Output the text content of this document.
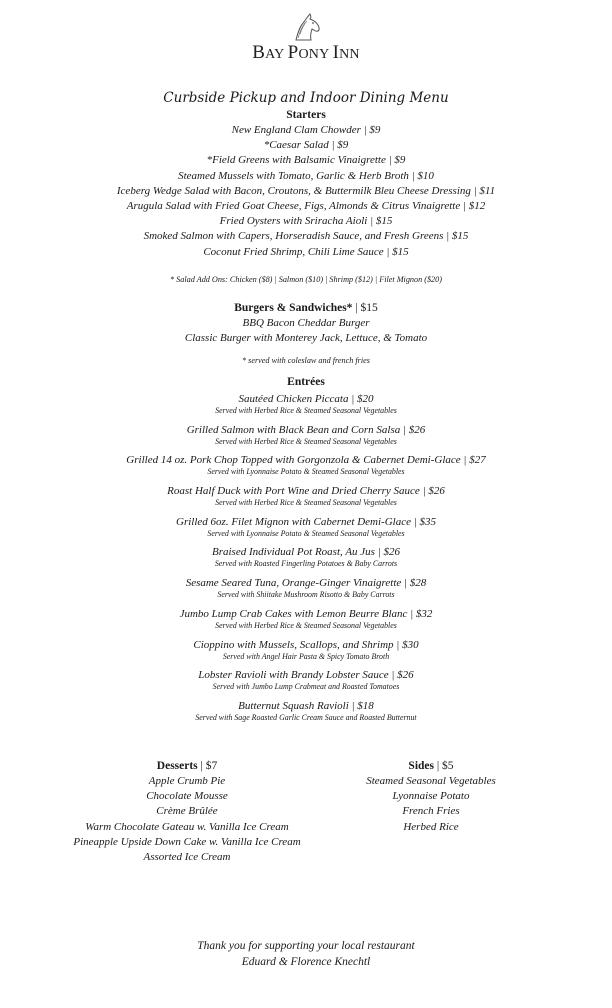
BAY PONY INN
Curbside Pickup and Indoor Dining Menu
Starters
New England Clam Chowder | $9
*Caesar Salad | $9
*Field Greens with Balsamic Vinaigrette | $9
Steamed Mussels with Tomato, Garlic & Herb Broth | $10
Iceberg Wedge Salad with Bacon, Croutons, & Buttermilk Bleu Cheese Dressing | $11
Arugula Salad with Fried Goat Cheese, Figs, Almonds & Citrus Vinaigrette | $12
Fried Oysters with Sriracha Aioli | $15
Smoked Salmon with Capers, Horseradish Sauce, and Fresh Greens | $15
Coconut Fried Shrimp, Chili Lime Sauce | $15
* Salad Add Ons: Chicken ($8) | Salmon ($10) | Shrimp ($12) | Filet Mignon ($20)
Burgers & Sandwiches* | $15
BBQ Bacon Cheddar Burger
Classic Burger with Monterey Jack, Lettuce, & Tomato
* served with coleslaw and french fries
Entrées
Sautéed Chicken Piccata | $20
Served with Herbed Rice & Steamed Seasonal Vegetables
Grilled Salmon with Black Bean and Corn Salsa | $26
Served with Herbed Rice & Steamed Seasonal Vegetables
Grilled 14 oz. Pork Chop Topped with Gorgonzola & Cabernet Demi-Glace | $27
Served with Lyonnaise Potato & Steamed Seasonal Vegetables
Roast Half Duck with Port Wine and Dried Cherry Sauce | $26
Served with Herbed Rice & Steamed Seasonal Vegetables
Grilled 6oz. Filet Mignon with Cabernet Demi-Glace | $35
Served with Lyonnaise Potato & Steamed Seasonal Vegetables
Braised Individual Pot Roast, Au Jus | $26
Served with Roasted Fingerling Potatoes & Baby Carrots
Sesame Seared Tuna, Orange-Ginger Vinaigrette | $28
Served with Shiitake Mushroom Risotto & Baby Carrots
Jumbo Lump Crab Cakes with Lemon Beurre Blanc | $32
Served with Herbed Rice & Steamed Seasonal Vegetables
Cioppino with Mussels, Scallops, and Shrimp | $30
Served with Angel Hair Pasta & Spicy Tomato Broth
Lobster Ravioli with Brandy Lobster Sauce | $26
Served with Jumbo Lump Crabmeat and Roasted Tomatoes
Butternut Squash Ravioli | $18
Served with Sage Roasted Garlic Cream Sauce and Roasted Butternut
Desserts | $7
Apple Crumb Pie
Chocolate Mousse
Crème Brûlée
Warm Chocolate Gateau w. Vanilla Ice Cream
Pineapple Upside Down Cake w. Vanilla Ice Cream
Assorted Ice Cream
Sides | $5
Steamed Seasonal Vegetables
Lyonnaise Potato
French Fries
Herbed Rice
Thank you for supporting your local restaurant
Eduard & Florence Knechtl
